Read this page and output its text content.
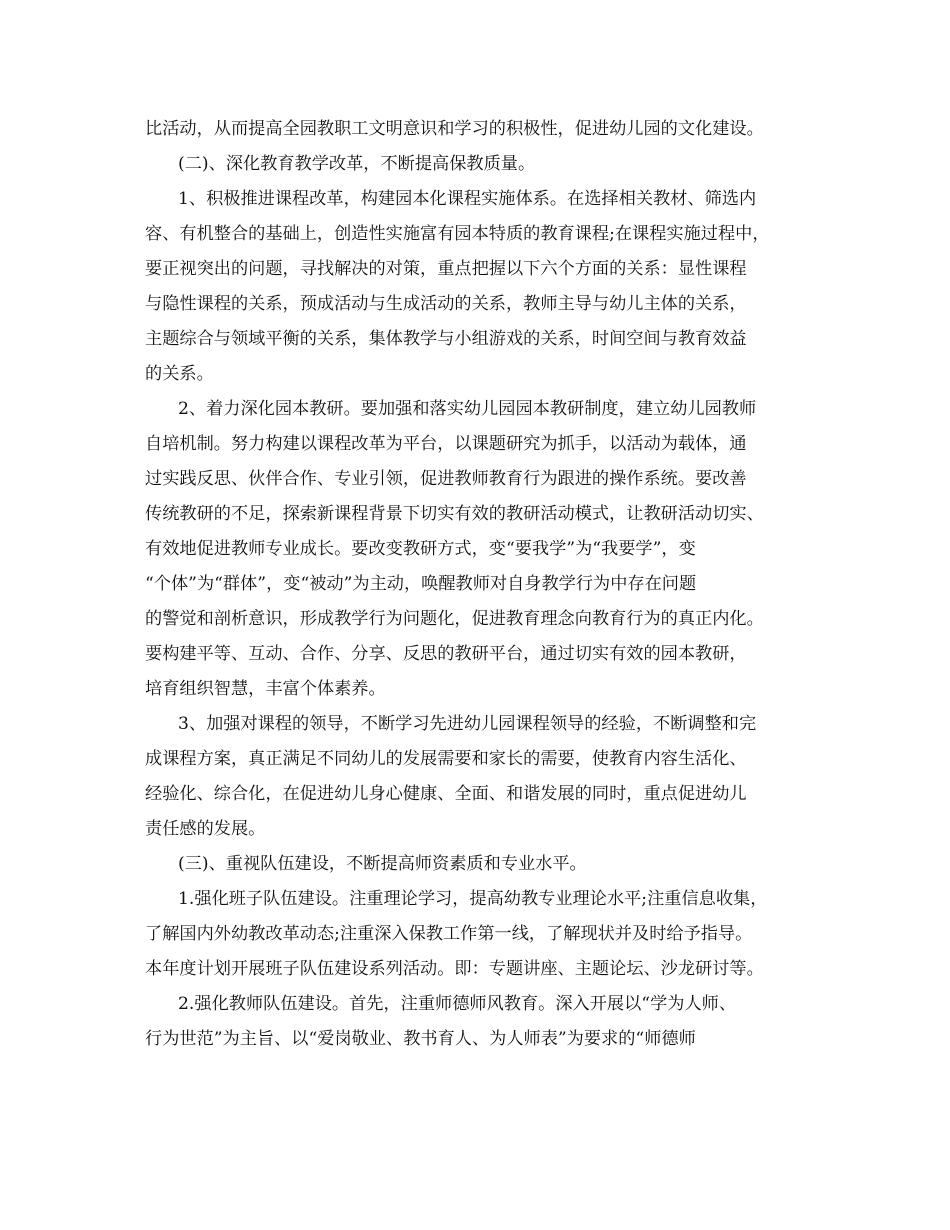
比活动，从而提高全园教职工文明意识和学习的积极性，促进幼儿园的文化建设。
(二)、深化教育教学改革，不断提高保教质量。
1、积极推进课程改革，构建园本化课程实施体系。在选择相关教材、筛选内
容、有机整合的基础上，创造性实施富有园本特质的教育课程;在课程实施过程中，
要正视突出的问题，寻找解决的对策，重点把握以下六个方面的关系：显性课程
与隐性课程的关系，预成活动与生成活动的关系，教师主导与幼儿主体的关系，
主题综合与领域平衡的关系，集体教学与小组游戏的关系，时间空间与教育效益
的关系。
2、着力深化园本教研。要加强和落实幼儿园园本教研制度，建立幼儿园教师
自培机制。努力构建以课程改革为平台，以课题研究为抓手，以活动为载体，通
过实践反思、伙伴合作、专业引领，促进教师教育行为跟进的操作系统。要改善
传统教研的不足，探索新课程背景下切实有效的教研活动模式，让教研活动切实、
有效地促进教师专业成长。要改变教研方式，变“要我学”为“我要学”，变
“个体”为“群体”，变“被动”为主动，唤醒教师对自身教学行为中存在问题
的警觉和剖析意识，形成教学行为问题化，促进教育理念向教育行为的真正内化。
要构建平等、互动、合作、分享、反思的教研平台，通过切实有效的园本教研，
培育组织智慧，丰富个体素养。
3、加强对课程的领导，不断学习先进幼儿园课程领导的经验，不断调整和完
成课程方案，真正满足不同幼儿的发展需要和家长的需要，使教育内容生活化、
经验化、综合化，在促进幼儿身心健康、全面、和谐发展的同时，重点促进幼儿
责任感的发展。
(三)、重视队伍建设，不断提高师资素质和专业水平。
1.强化班子队伍建设。注重理论学习，提高幼教专业理论水平;注重信息收集，
了解国内外幼教改革动态;注重深入保教工作第一线，了解现状并及时给予指导。
本年度计划开展班子队伍建设系列活动。即：专题讲座、主题论坛、沙龙研讨等。
2.强化教师队伍建设。首先，注重师德师风教育。深入开展以“学为人师、
行为世范”为主旨、以“爱岗敬业、教书育人、为人师表”为要求的“师德师
